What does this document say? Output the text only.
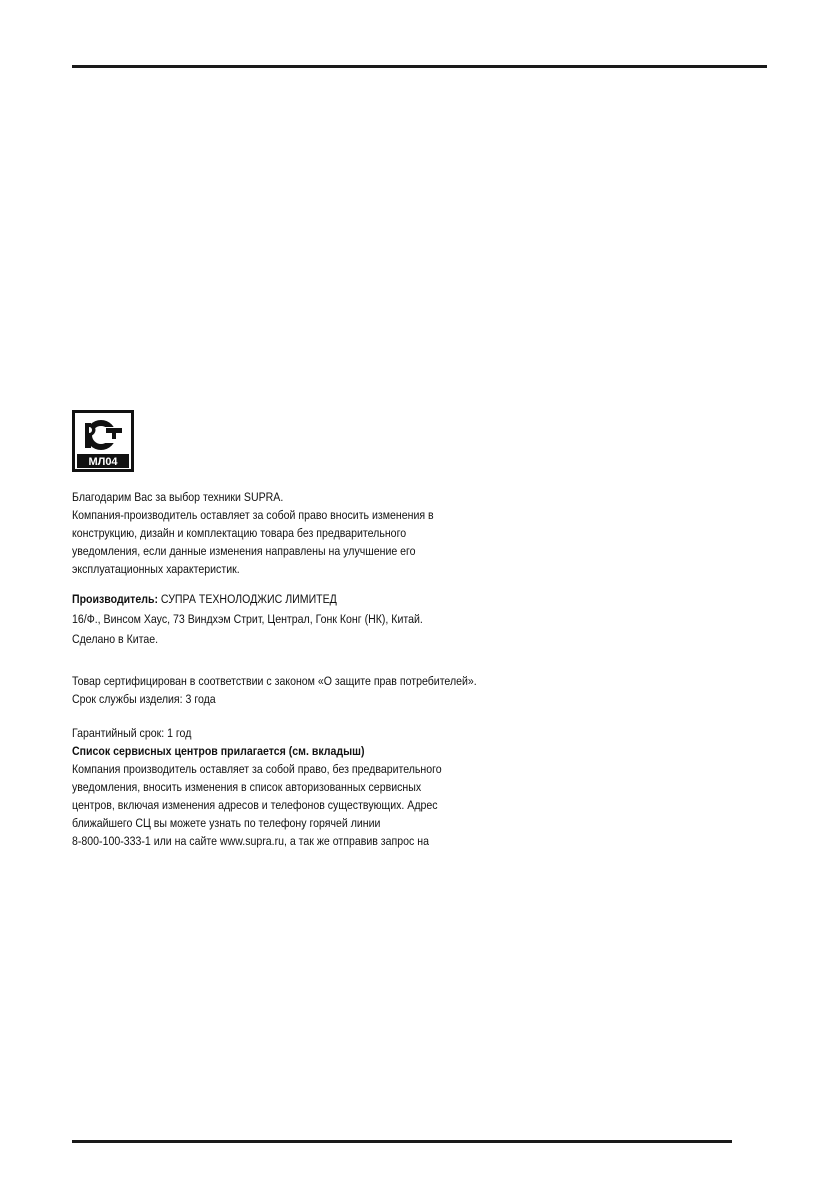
МЛ04
Благодарим Вас за выбор техники SUPRA.
Компания-производитель оставляет за собой право вносить изменения в
конструкцию, дизайн и комплектацию товара без предварительного
уведомления, если данные изменения направлены на улучшение его
эксплуатационных характеристик.
Производитель: СУПРА ТЕХНОЛОДЖИС ЛИМИТЕД
16/Ф., Винсом Хаус, 73 Виндхэм Стрит, Централ, Гонк Конг (НК), Китай.
Сделано в Китае.
Товар сертифицирован в соответствии с законом «О защите прав потребителей».
Срок службы изделия: 3 года
Гарантийный срок: 1 год
Список сервисных центров прилагается (см. вкладыш)
Компания производитель оставляет за собой право, без предварительного
уведомления, вносить изменения в список авторизованных сервисных
центров, включая изменения адресов и телефонов существующих. Адрес
ближайшего СЦ вы можете узнать по телефону горячей линии
8-800-100-333-1 или на сайте www.supra.ru, а так же отправив запрос на
